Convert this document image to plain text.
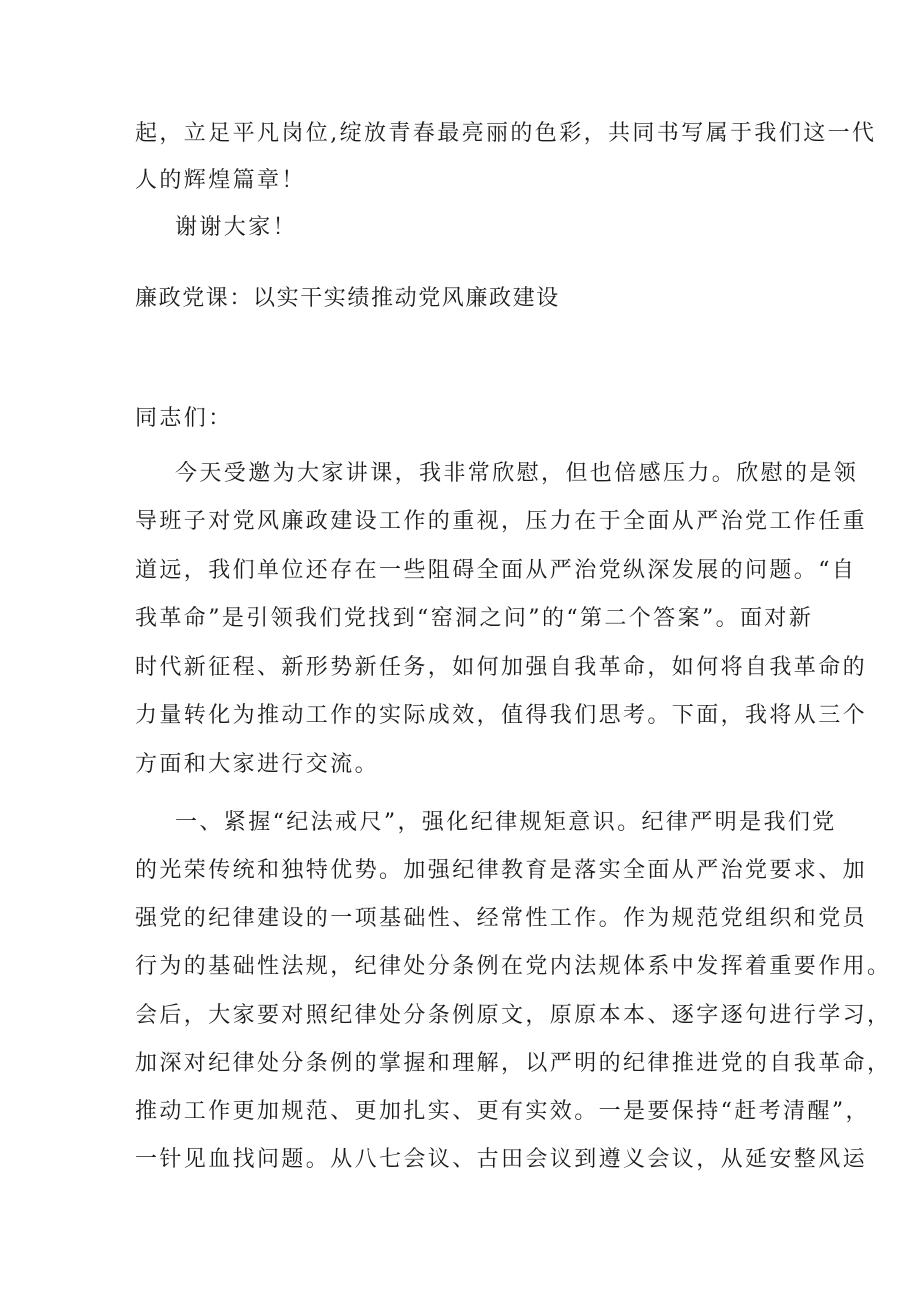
起，立足平凡岗位,绽放青春最亮丽的色彩，共同书写属于我们这一代
人的辉煌篇章！
谢谢大家！
廉政党课：以实干实绩推动党风廉政建设
同志们：
今天受邀为大家讲课，我非常欣慰，但也倍感压力。欣慰的是领
导班子对党风廉政建设工作的重视，压力在于全面从严治党工作任重
道远，我们单位还存在一些阻碍全面从严治党纵深发展的问题。“自
我革命”是引领我们党找到“窑洞之问”的“第二个答案”。面对新
时代新征程、新形势新任务，如何加强自我革命，如何将自我革命的
力量转化为推动工作的实际成效，值得我们思考。下面，我将从三个
方面和大家进行交流。
一、紧握“纪法戒尺”，强化纪律规矩意识。纪律严明是我们党
的光荣传统和独特优势。加强纪律教育是落实全面从严治党要求、加
强党的纪律建设的一项基础性、经常性工作。作为规范党组织和党员
行为的基础性法规，纪律处分条例在党内法规体系中发挥着重要作用。
会后，大家要对照纪律处分条例原文，原原本本、逐字逐句进行学习，
加深对纪律处分条例的掌握和理解，以严明的纪律推进党的自我革命，
推动工作更加规范、更加扎实、更有实效。一是要保持“赶考清醒”，
一针见血找问题。从八七会议、古田会议到遵义会议，从延安整风运
